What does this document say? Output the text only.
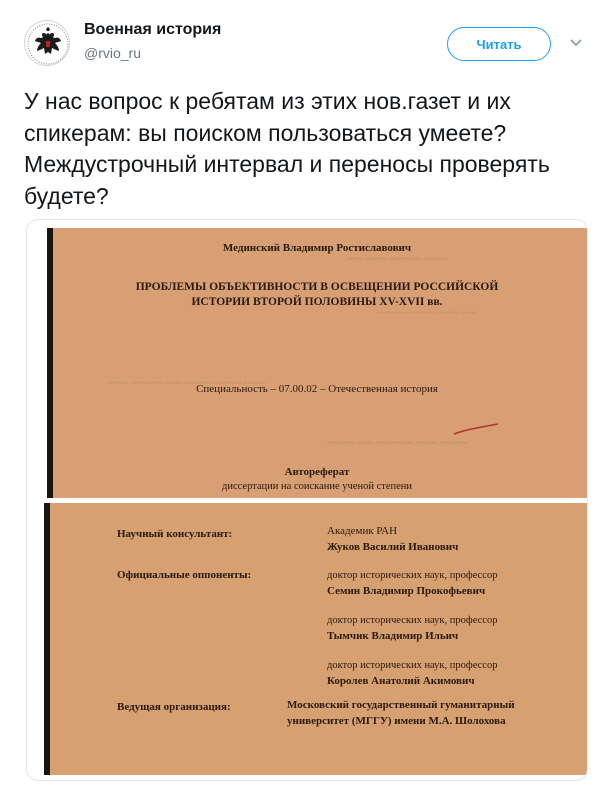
Военная история
@rvio_ru
Читать
У нас вопрос к ребятам из этих нов.газет и их спикерам: вы поиском пользоваться умеете? Междустрочный интервал и переносы проверять будете?
~~~ ~~~~ ~~~~~~ ~~~~
~~~~~~ ~~~~ ~~~~ ~~~
~~~~ ~~~~~~ ~~~ ~~~~~ ~~~~~ ~~~~
~~~~~ ~~~ ~~~~~~~ ~~~~ ~~~~~
Мединский Владимир Ростиславович
ПРОБЛЕМЫ ОБЪЕКТИВНОСТИ В ОСВЕЩЕНИИ РОССИЙСКОЙ
ИСТОРИИ ВТОРОЙ ПОЛОВИНЫ XV-XVII вв.
Специальность – 07.00.02 – Отечественная история
Автореферат
диссертации на соискание ученой степени
Научный консультант:	Академик РАН
Жуков Василий Иванович
Официальные оппоненты:	доктор исторических наук, профессор
Семин Владимир Прокофьевич
доктор исторических наук, профессор
Тымчик Владимир Ильич
доктор исторических наук, профессор
Королев Анатолий Акимович
Ведущая организация:	Московский государственный гуманитарный
университет (МГГУ) имени М.А. Шолохова
